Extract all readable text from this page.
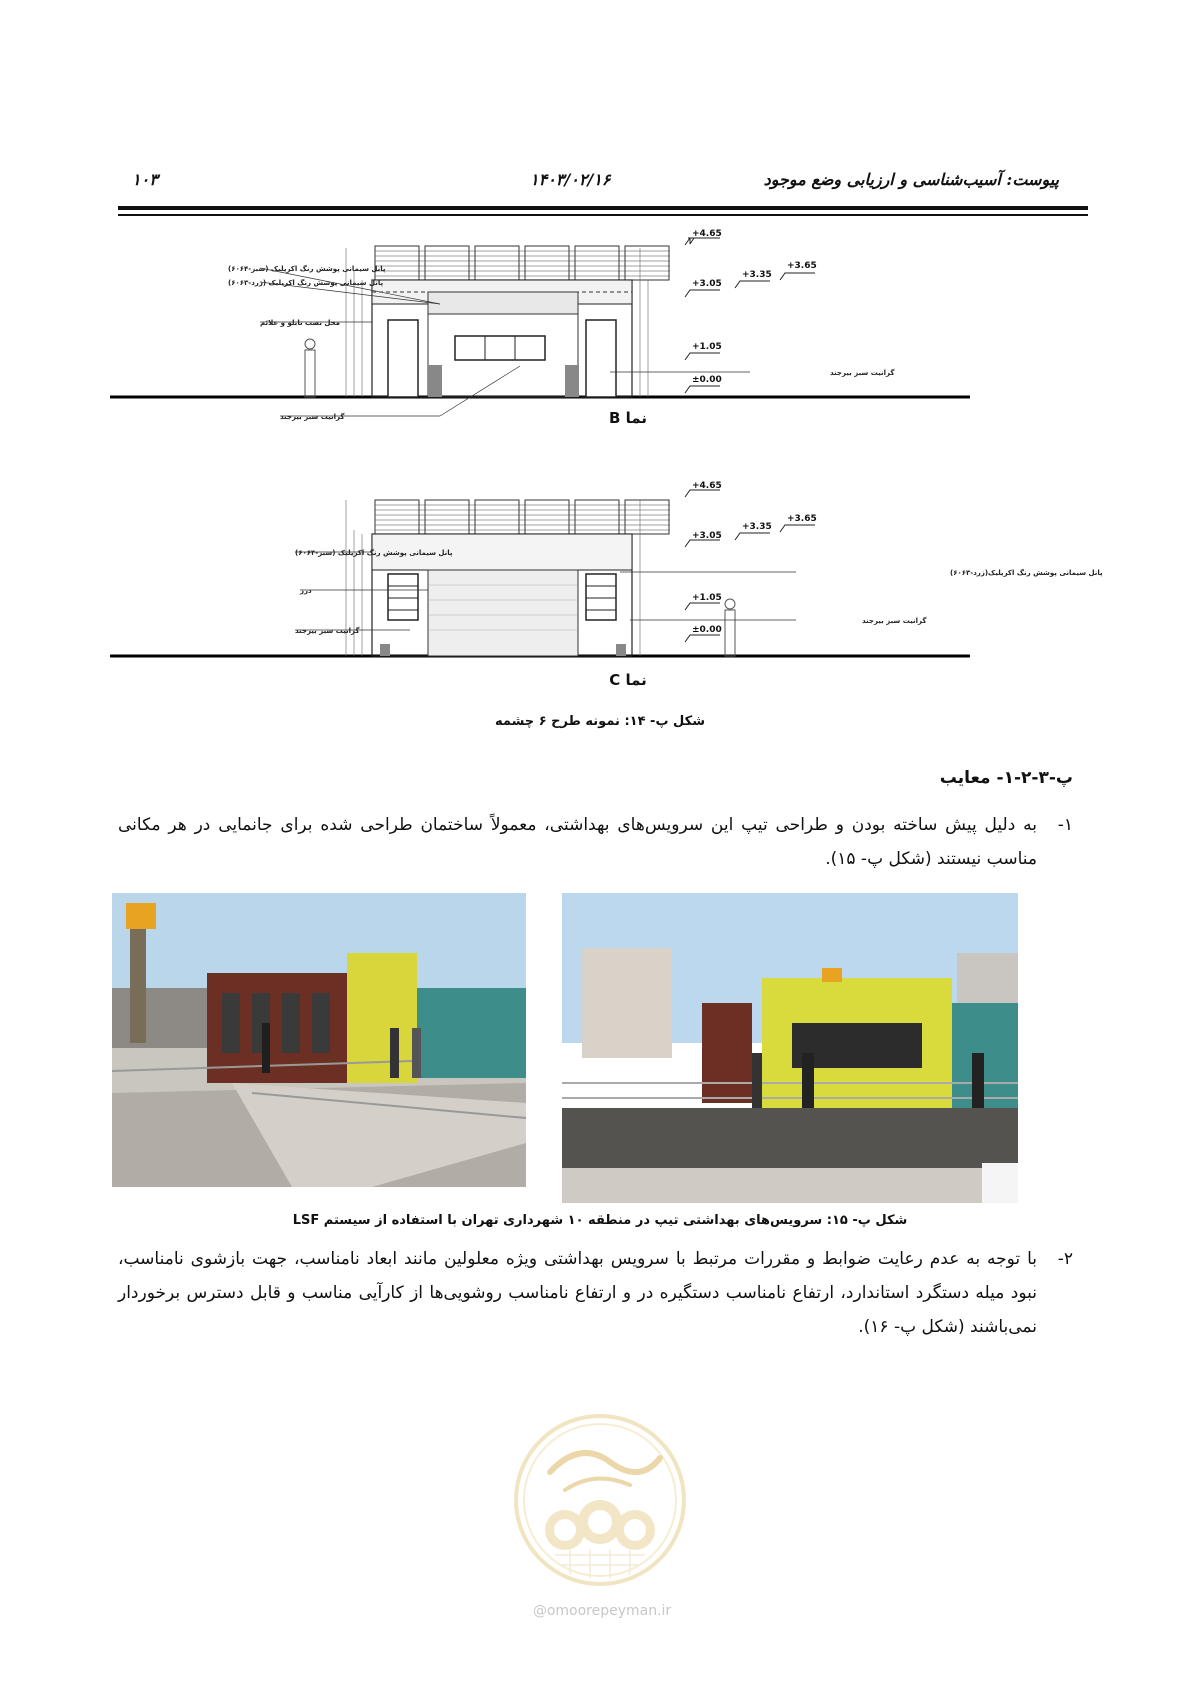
پیوست: آسیب‌شناسی و ارزیابی وضع موجود
۱۴۰۳/۰۲/۱۶
۱۰۳
+4.65
+3.35
+3.65
+3.05
+1.05
±0.00
پانل سیمانی پوشش رنگ اکریلیک (سبز-۶۰۶۴)
پانل سیمانی پوشش رنگ اکریلیک (زرد-۶۰۶۳)
محل نصب تابلو و علائم
گرانیت سبز بیرجند
گرانیت سبز بیرجند	نما B
+4.65
+3.35
+3.65
+3.05
+1.05
±0.00
پانل سیمانی پوشش رنگ اکریلیک (سبز-۶۰۶۴)
درز
گرانیت سبز بیرجند
پانل سیمانی پوشش رنگ اکریلیک(زرد-۶۰۶۳)
گرانیت سبز بیرجند
نما C
شکل پ- ۱۴: نمونه طرح ۶ چشمه
پ-۳-۲-۱- معایب
۱-
به دلیل پیش ساخته بودن و طراحی تیپ این سرویس‌های بهداشتی، معمولاً ساختمان طراحی شده برای جانمایی در هر مکانی مناسب نیستند (شکل پ- ۱۵).
شکل پ- ۱۵: سرویس‌های بهداشتی تیپ در منطقه ۱۰ شهرداری تهران با استفاده از سیستم LSF
۲-
با توجه به عدم رعایت ضوابط و مقررات مرتبط با سرویس بهداشتی ویژه معلولین مانند ابعاد نامناسب، جهت بازشوی نامناسب، نبود میله دستگرد استاندارد، ارتفاع نامناسب دستگیره در و ارتفاع نامناسب روشویی‌ها از کارآیی مناسب و قابل دسترس برخوردار نمی‌باشند (شکل پ- ۱۶).
@omoorepeyman.ir
